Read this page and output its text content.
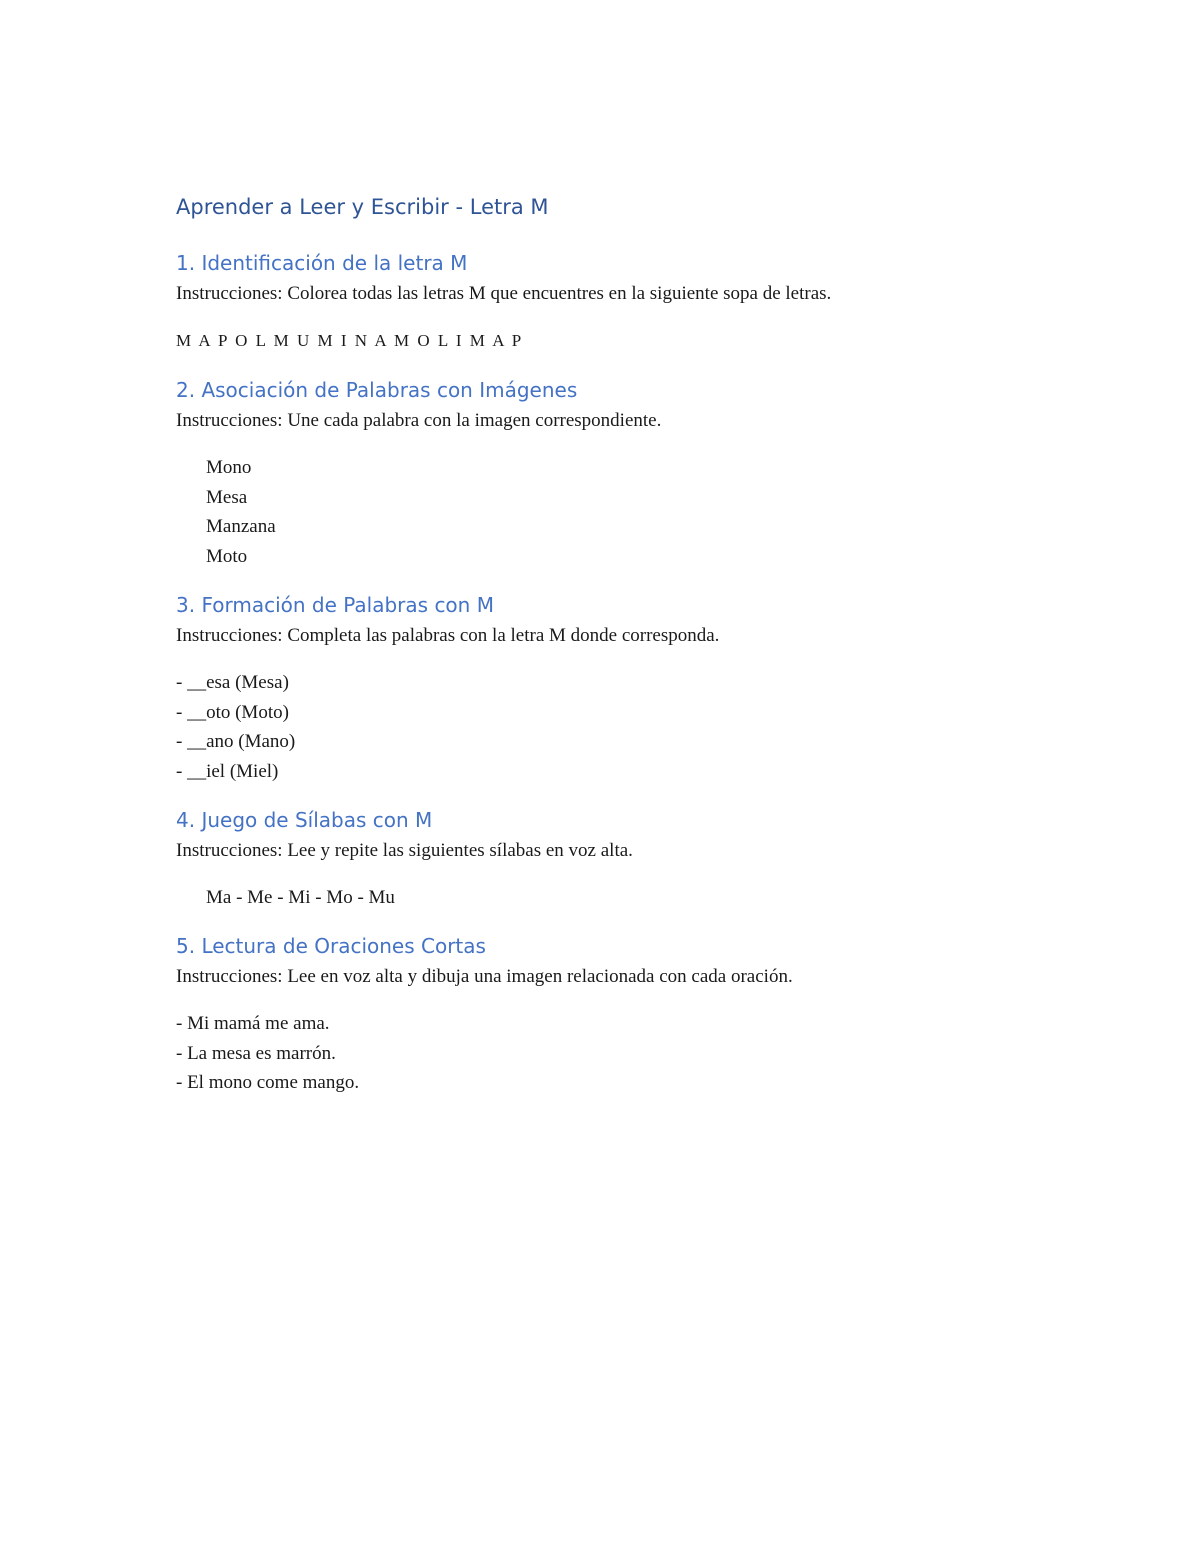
Aprender a Leer y Escribir - Letra M
1. Identificación de la letra M

Instrucciones: Colorea todas las letras M que encuentres en la siguiente sopa de letras.

M A P O L M U M I N A M O L I M A P

2. Asociación de Palabras con Imágenes

Instrucciones: Une cada palabra con la imagen correspondiente.

Mono
Mesa
Manzana
Moto
3. Formación de Palabras con M

Instrucciones: Completa las palabras con la letra M donde corresponda.

- __esa (Mesa)
- __oto (Moto)
- __ano (Mano)
- __iel (Miel)
4. Juego de Sílabas con M

Instrucciones: Lee y repite las siguientes sílabas en voz alta.

Ma - Me - Mi - Mo - Mu

5. Lectura de Oraciones Cortas

Instrucciones: Lee en voz alta y dibuja una imagen relacionada con cada oración.

- Mi mamá me ama.
- La mesa es marrón.
- El mono come mango.
